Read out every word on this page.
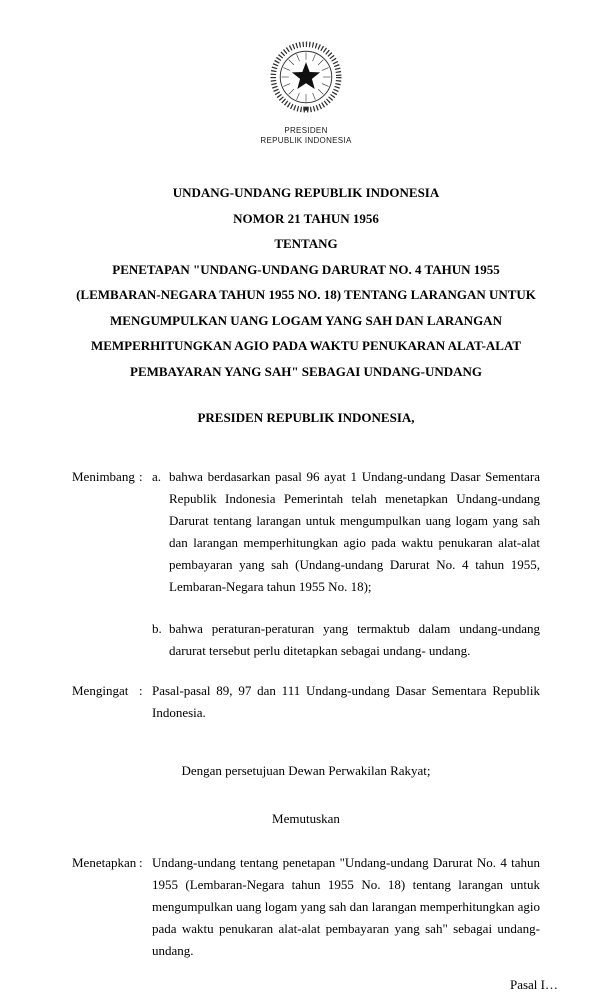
PRESIDEN
REPUBLIK INDONESIA
UNDANG-UNDANG REPUBLIK INDONESIA
NOMOR 21 TAHUN 1956
TENTANG
PENETAPAN "UNDANG-UNDANG DARURAT NO. 4 TAHUN 1955
(LEMBARAN-NEGARA TAHUN 1955 NO. 18) TENTANG LARANGAN UNTUK
MENGUMPULKAN UANG LOGAM YANG SAH DAN LARANGAN
MEMPERHITUNGKAN AGIO PADA WAKTU PENUKARAN ALAT-ALAT
PEMBAYARAN YANG SAH" SEBAGAI UNDANG-UNDANG
PRESIDEN REPUBLIK INDONESIA,
Menimbang : a. bahwa berdasarkan pasal 96 ayat 1 Undang-undang Dasar Sementara Republik Indonesia Pemerintah telah menetapkan Undang-undang Darurat tentang larangan untuk mengumpulkan uang logam yang sah dan larangan memperhitungkan agio pada waktu penukaran alat-alat pembayaran yang sah (Undang-undang Darurat No. 4 tahun 1955, Lembaran-Negara tahun 1955 No. 18);
b. bahwa peraturan-peraturan yang termaktub dalam undang-undang darurat tersebut perlu ditetapkan sebagai undang- undang.
Mengingat : Pasal-pasal 89, 97 dan 111 Undang-undang Dasar Sementara Republik Indonesia.
Dengan persetujuan Dewan Perwakilan Rakyat;
Memutuskan
Menetapkan : Undang-undang tentang penetapan "Undang-undang Darurat No. 4 tahun 1955 (Lembaran-Negara tahun 1955 No. 18) tentang larangan untuk mengumpulkan uang logam yang sah dan larangan memperhitungkan agio pada waktu penukaran alat-alat pembayaran yang sah" sebagai undang-undang.
Pasal I…
